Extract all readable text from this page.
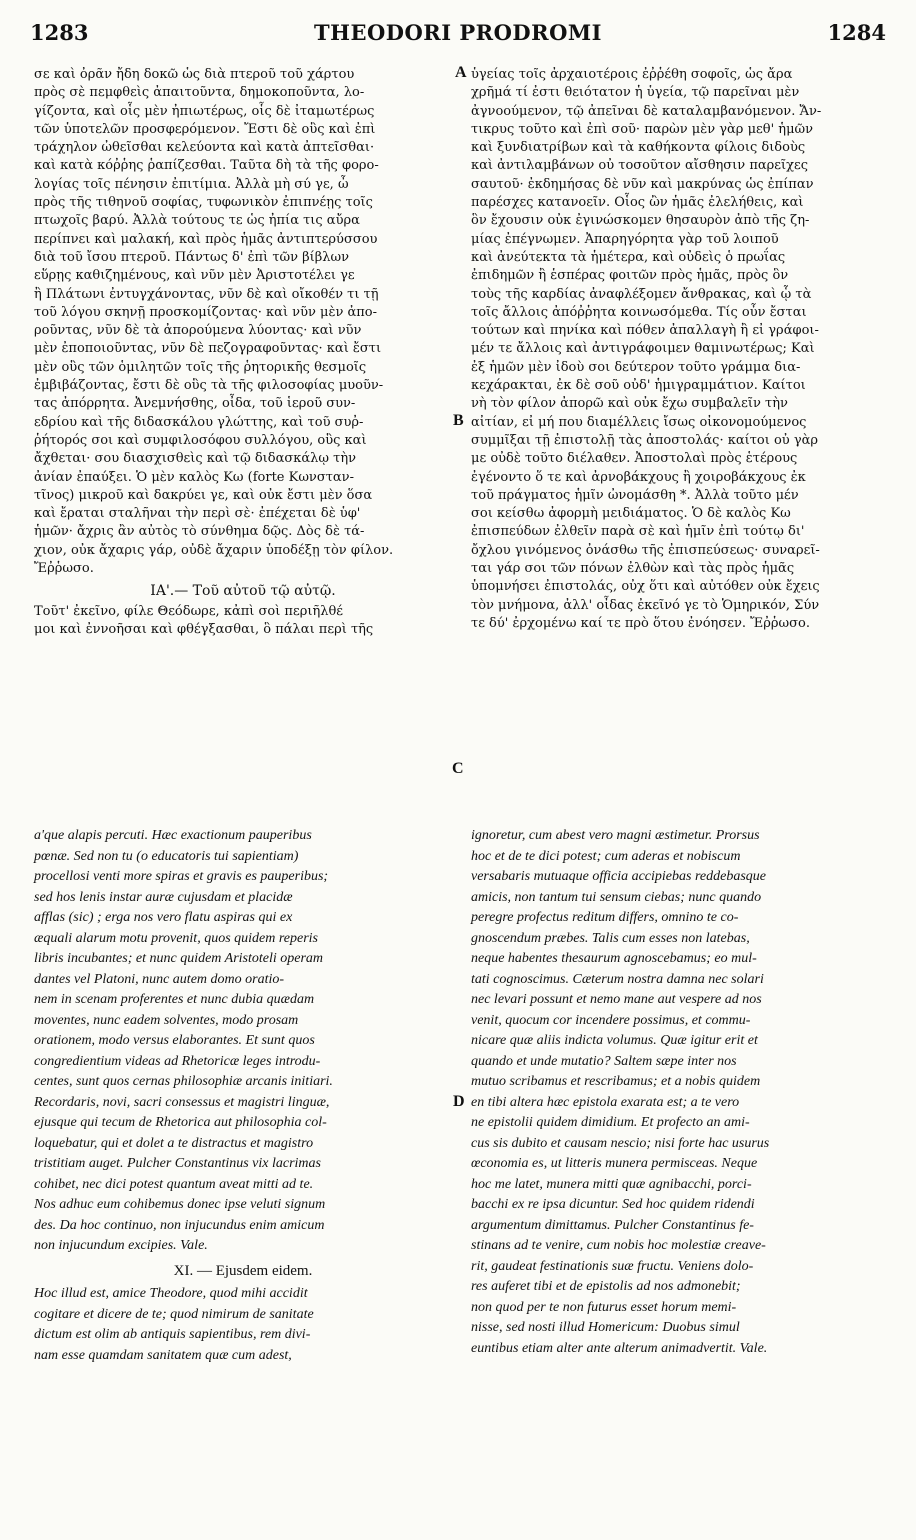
1283	THEODORI PRODROMI	1284
σε καὶ ὀρᾶν ἤδη δοκῶ ὡς διὰ πτεροῦ τοῦ χάρτου
πρὸς σὲ πεμφθεὶς ἀπαιτοῦντα, δημοκοποῦντα, λο-
γίζοντα, καὶ οἷς μὲν ἠπιωτέρως, οἷς δὲ ἰταμωτέρως
τῶν ὑποτελῶν προσφερόμενον. Ἔστι δὲ οὓς καὶ ἐπὶ
τράχηλον ὠθεῖσθαι κελεύοντα καὶ κατὰ ἀπτεῖσθαι·
καὶ κατὰ κόῤῥης ῥαπίζεσθαι. Ταῦτα δὴ τὰ τῆς φορο-
λογίας τοῖς πένησιν ἐπιτίμια. Ἀλλὰ μὴ σύ γε, ὦ
πρὸς τῆς τιθηνοῦ σοφίας, τυφωνικὸν ἐπιπνέῃς τοῖς
πτωχοῖς βαρύ. Ἀλλὰ τούτους τε ὡς ἠπία τις αὔρα
περίπνει καὶ μαλακή, καὶ πρὸς ἡμᾶς ἀντιπτερύσσου
διὰ τοῦ ἴσου πτεροῦ. Πάντως δ' ἐπὶ τῶν βίβλων
εὕρῃς καθιζημένους, καὶ νῦν μὲν Ἀριστοτέλει γε
ἢ Πλάτωνι ἐντυγχάνοντας, νῦν δὲ καὶ οἴκοθέν τι τῇ
τοῦ λόγου σκηνῇ προσκομίζοντας· καὶ νῦν μὲν ἀπο-
ροῦντας, νῦν δὲ τὰ ἀπορούμενα λύοντας· καὶ νῦν
μὲν ἐποποιοῦντας, νῦν δὲ πεζογραφοῦντας· καὶ ἔστι
μὲν οὓς τῶν ὁμιλητῶν τοῖς τῆς ῥητορικῆς θεσμοῖς
ἐμβιβάζοντας, ἔστι δὲ οὓς τὰ τῆς φιλοσοφίας μυοῦν-
τας ἀπόρρητα. Ἀνεμνήσθης, οἶδα, τοῦ ἱεροῦ συν-
εδρίου καὶ τῆς διδασκάλου γλώττης, καὶ τοῦ συῤ-
ῥήτορός σοι καὶ συμφιλοσόφου συλλόγου, οὓς καὶ
ἄχθεται· σου διασχισθεὶς καὶ τῷ διδασκάλῳ τὴν
ἀνίαν ἐπαύξει. Ὁ μὲν καλὸς Κω (forte Κωνσταν-
τῖνος) μικροῦ καὶ δακρύει γε, καὶ οὐκ ἔστι μὲν ὅσα
καὶ ἔραται σταλῆναι τὴν περὶ σὲ· ἐπέχεται δὲ ὑφ'
ἡμῶν· ἄχρις ἂν αὐτὸς τὸ σύνθημα δῷς. Δὸς δὲ τά-
χιον, οὐκ ἄχαρις γάρ, οὐδὲ ἄχαριν ὑποδέξῃ τὸν φίλον.
Ἔῤῥωσο.
ΙΑ'.— Τοῦ αὐτοῦ τῷ αὐτῷ.
Τοῦτ' ἐκεῖνο, φίλε Θεόδωρε, κἀπὶ σοὶ περιῆλθέ
μοι καὶ ἐννοῆσαι καὶ φθέγξασθαι, ὃ πάλαι περὶ τῆς
ὑγείας τοῖς ἀρχαιοτέροις ἐῤῥέθη σοφοῖς, ὡς ἄρα
χρῆμά τί ἐστι θειότατον ἡ ὑγεία, τῷ παρεῖναι μὲν
ἀγνοούμενον, τῷ ἀπεῖναι δὲ καταλαμβανόμενον. Ἄν-
τικρυς τοῦτο καὶ ἐπὶ σοῦ· παρὼν μὲν γὰρ μεθ' ἡμῶν
καὶ ξυνδιατρίβων καὶ τὰ καθήκοντα φίλοις διδοὺς
καὶ ἀντιλαμβάνων οὐ τοσοῦτον αἴσθησιν παρεῖχες
σαυτοῦ· ἐκδημήσας δὲ νῦν καὶ μακρύνας ὡς ἐπίπαν
παρέσχες κατανοεῖν. Οἷος ὢν ἡμᾶς ἐλελήθεις, καὶ
ὃν ἔχουσιν οὐκ ἐγινώσκομεν θησαυρὸν ἀπὸ τῆς ζη-
μίας ἐπέγνωμεν. Ἀπαρηγόρητα γὰρ τοῦ λοιποῦ
καὶ ἀνεύτεκτα τὰ ἡμέτερα, καὶ οὐδεὶς ὁ πρωΐας
ἐπιδημῶν ἢ ἑσπέρας φοιτῶν πρὸς ἡμᾶς, πρὸς ὃν
τοὺς τῆς καρδίας ἀναφλέξομεν ἄνθρακας, καὶ ᾧ τὰ
τοῖς ἄλλοις ἀπόῤῥητα κοινωσόμεθα. Τίς οὖν ἔσται
τούτων καὶ πηνίκα καὶ πόθεν ἀπαλλαγὴ ἢ εἰ γράφοι-
μέν τε ἄλλοις καὶ ἀντιγράφοιμεν θαμινωτέρως; Καὶ
ἐξ ἡμῶν μὲν ἰδοὺ σοι δεύτερον τοῦτο γράμμα δια-
κεχάρακται, ἐκ δὲ σοῦ οὐδ' ἡμιγραμμάτιον. Καίτοι
νὴ τὸν φίλον ἀπορῶ καὶ οὐκ ἔχω συμβαλεῖν τὴν
αἰτίαν, εἰ μή που διαμέλλεις ἴσως οἰκονομούμενος
συμμῖξαι τῇ ἐπιστολῇ τὰς ἀποστολάς· καίτοι οὐ γὰρ
με οὐδὲ τοῦτο διέλαθεν. Ἀποστολαὶ πρὸς ἑτέρους
ἐγένοντο ὅ τε καὶ ἀρνοβάκχους ἢ χοιροβάκχους ἐκ
τοῦ πράγματος ἡμῖν ὠνομάσθη *. Ἀλλὰ τοῦτο μέν
σοι κείσθω ἀφορμὴ μειδιάματος. Ὁ δὲ καλὸς Κω
ἐπισπεύδων ἐλθεῖν παρὰ σὲ καὶ ἡμῖν ἐπὶ τούτῳ δι'
ὄχλου γινόμενος ὀνάσθω τῆς ἐπισπεύσεως· συναρεῖ-
ται γάρ σοι τῶν πόνων ἐλθὼν καὶ τὰς πρὸς ἡμᾶς
ὑπομνήσει ἐπιστολάς, οὐχ ὅτι καὶ αὐτόθεν οὐκ ἔχεις
τὸν μνήμονα, ἀλλ' οἶδας ἐκεῖνό γε τὸ Ὁμηρικόν, Σύν
τε δύ' ἐρχομένω καί τε πρὸ ὅτου ἐνόησεν. Ἔῤῥωσο.
a'que alapis percuti. Hæc exactionum pauperibus
pœnæ. Sed non tu (o educatoris tui sapientiam)
procellosi venti more spiras et gravis es pauperibus;
sed hos lenis instar auræ cujusdam et placidæ
afflas (sic) ; erga nos vero flatu aspiras qui ex
æquali alarum motu provenit, quos quidem reperis
libris incubantes; et nunc quidem Aristoteli operam
dantes vel Platoni, nunc autem domo oratio-
nem in scenam proferentes et nunc dubia quædam
moventes, nunc eadem solventes, modo prosam
orationem, modo versus elaborantes. Et sunt quos
congredientium videas ad Rhetoricæ leges introdu-
centes, sunt quos cernas philosophiæ arcanis initiari.
Recordaris, novi, sacri consessus et magistri linguæ,
ejusque qui tecum de Rhetorica aut philosophia col-
loquebatur, qui et dolet a te distractus et magistro
tristitiam auget. Pulcher Constantinus vix lacrimas
cohibet, nec dici potest quantum aveat mitti ad te.
Nos adhuc eum cohibemus donec ipse veluti signum
des. Da hoc continuo, non injucundus enim amicum
non injucundum excipies. Vale.
XI. — Ejusdem eidem.
Hoc illud est, amice Theodore, quod mihi accidit
cogitare et dicere de te; quod nimirum de sanitate
dictum est olim ab antiquis sapientibus, rem divi-
nam esse quamdam sanitatem quæ cum adest,
ignoretur, cum abest vero magni æstimetur. Prorsus
hoc et de te dici potest; cum aderas et nobiscum
versabaris mutuaque officia accipiebas reddebasque
amicis, non tantum tui sensum ciebas; nunc quando
peregre profectus reditum differs, omnino te co-
gnoscendum præbes. Talis cum esses non latebas,
neque habentes thesaurum agnoscebamus; eo mul-
tati cognoscimus. Cæterum nostra damna nec solari
nec levari possunt et nemo mane aut vespere ad nos
venit, quocum cor incendere possimus, et commu-
nicare quæ aliis indicta volumus. Quæ igitur erit et
quando et unde mutatio? Saltem sæpe inter nos
mutuo scribamus et rescribamus; et a nobis quidem
en tibi altera hæc epistola exarata est; a te vero
ne epistolii quidem dimidium. Et profecto an ami-
cus sis dubito et causam nescio; nisi forte hac usurus
œconomia es, ut litteris munera permisceas. Neque
hoc me latet, munera mitti quæ agnibacchi, porci-
bacchi ex re ipsa dicuntur. Sed hoc quidem ridendi
argumentum dimittamus. Pulcher Constantinus fe-
stinans ad te venire, cum nobis hoc molestiæ creave-
rit, gaudeat festinationis suæ fructu. Veniens dolo-
res auferet tibi et de epistolis ad nos admonebit;
non quod per te non futurus esset horum memi-
nisse, sed nosti illud Homericum: Duobus simul
euntibus etiam alter ante alterum animadvertit. Vale.
A
B
C
D
